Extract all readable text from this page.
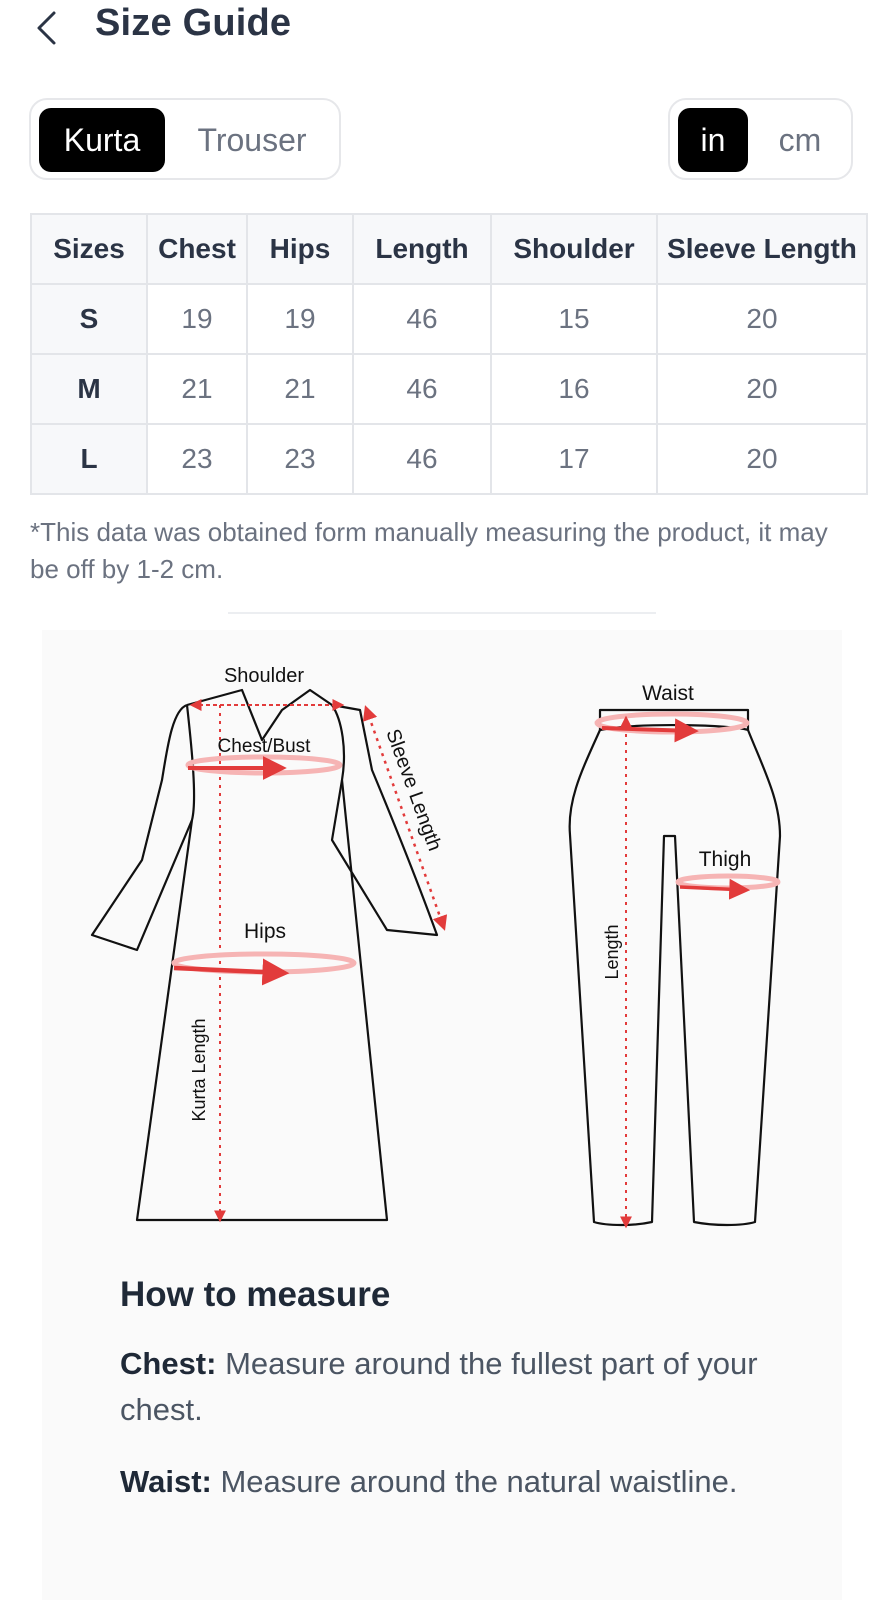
Size Guide
Kurta	Trouser	in	cm
Sizes	Chest	Hips	Length	Shoulder	Sleeve Length
S	19	19	46	15	20
M	21	21	46	16	20
L	23	23	46	17	20
*This data was obtained form manually measuring the product, it may be off by 1-2 cm.
Shoulder
Chest/Bust
Hips
Sleeve Length
Kurta Length
Waist
Thigh
Length
How to measure
Chest: Measure around the fullest part of your chest.
Waist: Measure around the natural waistline.
